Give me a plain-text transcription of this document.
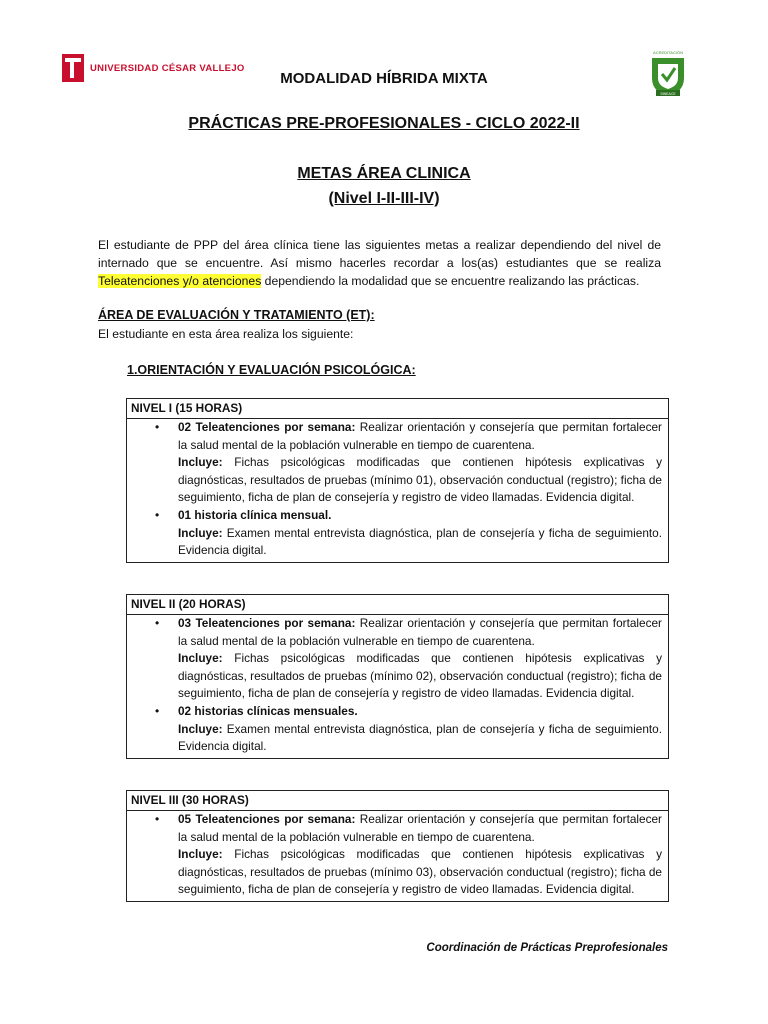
UNIVERSIDAD CÉSAR VALLEJO
ACREDITACIÓN
SINEACE
MODALIDAD HÍBRIDA MIXTA
PRÁCTICAS PRE-PROFESIONALES - CICLO 2022-II
METAS ÁREA CLINICA
(Nivel I-II-III-IV)

El estudiante de PPP del área clínica tiene las siguientes metas a realizar dependiendo del nivel de internado que se encuentre. Así mismo hacerles recordar a los(as) estudiantes que se realiza Teleatenciones y/o atenciones dependiendo la modalidad que se encuentre realizando las prácticas.

ÁREA DE EVALUACIÓN Y TRATAMIENTO (ET):
El estudiante en esta área realiza los siguiente:
1.ORIENTACIÓN Y EVALUACIÓN PSICOLÓGICA:
NIVEL I (15 HORAS)
• 02 Teleatenciones por semana: Realizar orientación y consejería que permitan fortalecer la salud mental de la población vulnerable en tiempo de cuarentena.

Incluye: Fichas psicológicas modificadas que contienen hipótesis explicativas y diagnósticas, resultados de pruebas (mínimo 01), observación conductual (registro); ficha de seguimiento, ficha de plan de consejería y registro de video llamadas. Evidencia digital.

• 01 historia clínica mensual.

Incluye: Examen mental entrevista diagnóstica, plan de consejería y ficha de seguimiento. Evidencia digital.

NIVEL II (20 HORAS)
• 03 Teleatenciones por semana: Realizar orientación y consejería que permitan fortalecer la salud mental de la población vulnerable en tiempo de cuarentena.

Incluye: Fichas psicológicas modificadas que contienen hipótesis explicativas y diagnósticas, resultados de pruebas (mínimo 02), observación conductual (registro); ficha de seguimiento, ficha de plan de consejería y registro de video llamadas. Evidencia digital.

• 02 historias clínicas mensuales.

Incluye: Examen mental entrevista diagnóstica, plan de consejería y ficha de seguimiento. Evidencia digital.

NIVEL III (30 HORAS)
• 05 Teleatenciones por semana: Realizar orientación y consejería que permitan fortalecer la salud mental de la población vulnerable en tiempo de cuarentena.

Incluye: Fichas psicológicas modificadas que contienen hipótesis explicativas y diagnósticas, resultados de pruebas (mínimo 03), observación conductual (registro); ficha de seguimiento, ficha de plan de consejería y registro de video llamadas. Evidencia digital.

Coordinación de Prácticas Preprofesionales
